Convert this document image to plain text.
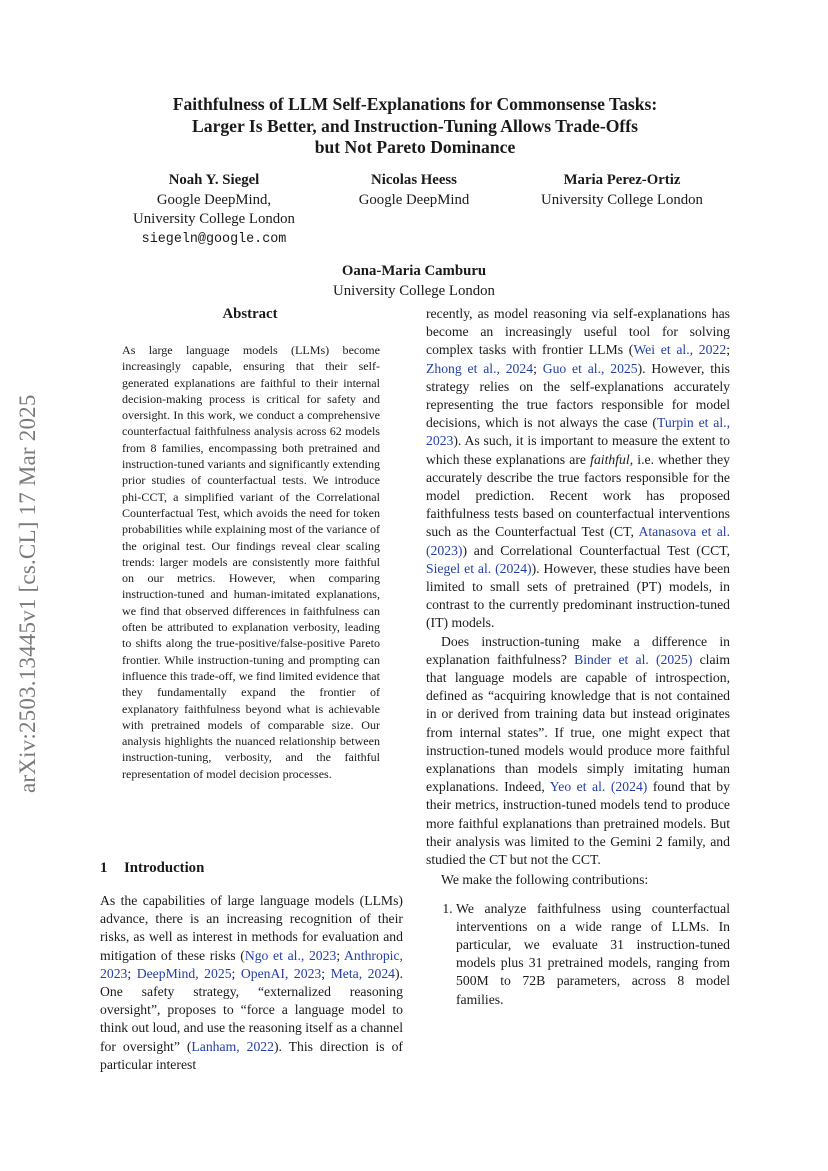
arXiv:2503.13445v1 [cs.CL] 17 Mar 2025
Faithfulness of LLM Self-Explanations for Commonsense Tasks:
Larger Is Better, and Instruction-Tuning Allows Trade-Offs
but Not Pareto Dominance
Noah Y. Siegel
Google DeepMind,
University College London
siegeln@google.com
Nicolas Heess
Google DeepMind
Maria Perez-Ortiz
University College London
Oana-Maria Camburu
University College London
Abstract
As large language models (LLMs) become increasingly capable, ensuring that their self-generated explanations are faithful to their internal decision-making process is critical for safety and oversight. In this work, we conduct a comprehensive counterfactual faithfulness analysis across 62 models from 8 families, encompassing both pretrained and instruction-tuned variants and significantly extending prior studies of counterfactual tests. We introduce phi-CCT, a simplified variant of the Correlational Counterfactual Test, which avoids the need for token probabilities while explaining most of the variance of the original test. Our findings reveal clear scaling trends: larger models are consistently more faithful on our metrics. However, when comparing instruction-tuned and human-imitated explanations, we find that observed differences in faithfulness can often be attributed to explanation verbosity, leading to shifts along the true-positive/false-positive Pareto frontier. While instruction-tuning and prompting can influence this trade-off, we find limited evidence that they fundamentally expand the frontier of explanatory faithfulness beyond what is achievable with pretrained models of comparable size. Our analysis highlights the nuanced relationship between instruction-tuning, verbosity, and the faithful representation of model decision processes.
1 Introduction

As the capabilities of large language models (LLMs) advance, there is an increasing recognition of their risks, as well as interest in methods for evaluation and mitigation of these risks (Ngo et al., 2023; Anthropic, 2023; DeepMind, 2025; OpenAI, 2023; Meta, 2024). One safety strategy, “externalized reasoning oversight”, proposes to “force a language model to think out loud, and use the reasoning itself as a channel for oversight” (Lanham, 2022). This direction is of particular interest

recently, as model reasoning via self-explanations has become an increasingly useful tool for solving complex tasks with frontier LLMs (Wei et al., 2022; Zhong et al., 2024; Guo et al., 2025). However, this strategy relies on the self-explanations accurately representing the true factors responsible for model decisions, which is not always the case (Turpin et al., 2023). As such, it is important to measure the extent to which these explanations are faithful, i.e. whether they accurately describe the true factors responsible for the model prediction. Recent work has proposed faithfulness tests based on counterfactual interventions such as the Counterfactual Test (CT, Atanasova et al. (2023)) and Correlational Counterfactual Test (CCT, Siegel et al. (2024)). However, these studies have been limited to small sets of pretrained (PT) models, in contrast to the currently predominant instruction-tuned (IT) models.

Does instruction-tuning make a difference in explanation faithfulness? Binder et al. (2025) claim that language models are capable of introspection, defined as “acquiring knowledge that is not contained in or derived from training data but instead originates from internal states”. If true, one might expect that instruction-tuned models would produce more faithful explanations than models simply imitating human explanations. Indeed, Yeo et al. (2024) found that by their metrics, instruction-tuned models tend to produce more faithful explanations than pretrained models. But their analysis was limited to the Gemini 2 family, and studied the CT but not the CCT.

We make the following contributions:

1. We analyze faithfulness using counterfactual interventions on a wide range of LLMs. In particular, we evaluate 31 instruction-tuned models plus 31 pretrained models, ranging from 500M to 72B parameters, across 8 model families.
